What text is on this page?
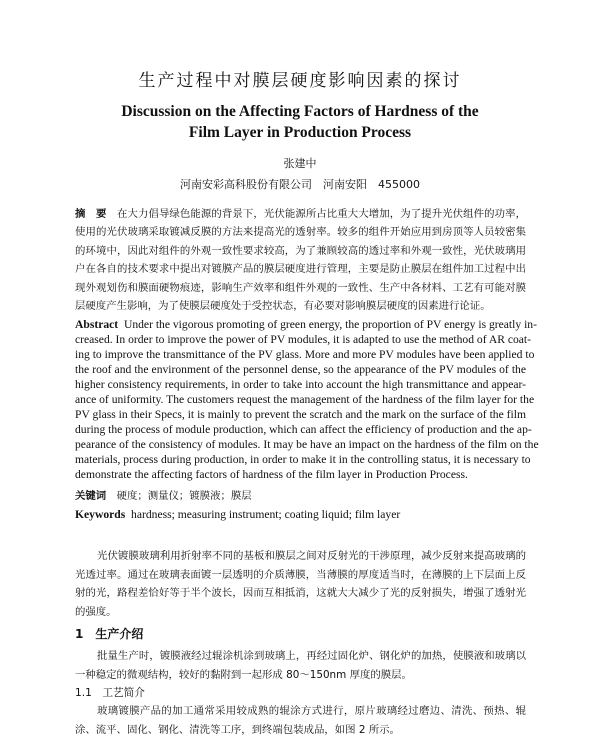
生产过程中对膜层硬度影响因素的探讨
Discussion on the Affecting Factors of Hardness of the
Film Layer in Production Process
张建中
河南安彩高科股份有限公司　河南安阳　455000
摘　要　 在大力倡导绿色能源的背景下，光伏能源所占比重大大增加，为了提升光伏组件的功率，
使用的光伏玻璃采取镀减反膜的方法来提高光的透射率。较多的组件开始应用到房顶等人员较密集
的环境中，因此对组件的外观一致性要求较高，为了兼顾较高的透过率和外观一致性，光伏玻璃用
户在各自的技术要求中提出对镀膜产品的膜层硬度进行管理，主要是防止膜层在组件加工过程中出
现外观划伤和膜面硬物痕迹，影响生产效率和组件外观的一致性、生产中各材料、工艺有可能对膜
层硬度产生影响，为了使膜层硬度处于受控状态，有必要对影响膜层硬度的因素进行论证。
Abstract Under the vigorous promoting of green energy, the proportion of PV energy is greatly in-
creased. In order to improve the power of PV modules, it is adapted to use the method of AR coat-
ing to improve the transmittance of the PV glass. More and more PV modules have been applied to
the roof and the environment of the personnel dense, so the appearance of the PV modules of the
higher consistency requirements, in order to take into account the high transmittance and appear-
ance of uniformity. The customers request the management of the hardness of the film layer for the
PV glass in their Specs, it is mainly to prevent the scratch and the mark on the surface of the film
during the process of module production, which can affect the efficiency of production and the ap-
pearance of the consistency of modules. It may be have an impact on the hardness of the film on the
materials, process during production, in order to make it in the controlling status, it is necessary to
demonstrate the affecting factors of hardness of the film layer in Production Process.
关键词　 硬度；测量仪；镀膜液；膜层
Keywords hardness; measuring instrument; coating liquid; film layer
光伏镀膜玻璃利用折射率不同的基板和膜层之间对反射光的干涉原理，减少反射来提高玻璃的
光透过率。通过在玻璃表面镀一层透明的介质薄膜，当薄膜的厚度适当时，在薄膜的上下层面上反
射的光，路程差恰好等于半个波长，因而互相抵消，这就大大减少了光的反射损失，增强了透射光
的强度。
1　生产介绍
批量生产时，镀膜液经过辊涂机涂到玻璃上，再经过固化炉、钢化炉的加热，使膜液和玻璃以
一种稳定的微观结构，较好的黏附到一起形成 80～150nm 厚度的膜层。
1.1　工艺简介
玻璃镀膜产品的加工通常采用较成熟的辊涂方式进行，原片玻璃经过磨边、清洗、预热、辊
涂、流平、固化、钢化、清洗等工序，到终端包装成品，如图 2 所示。
